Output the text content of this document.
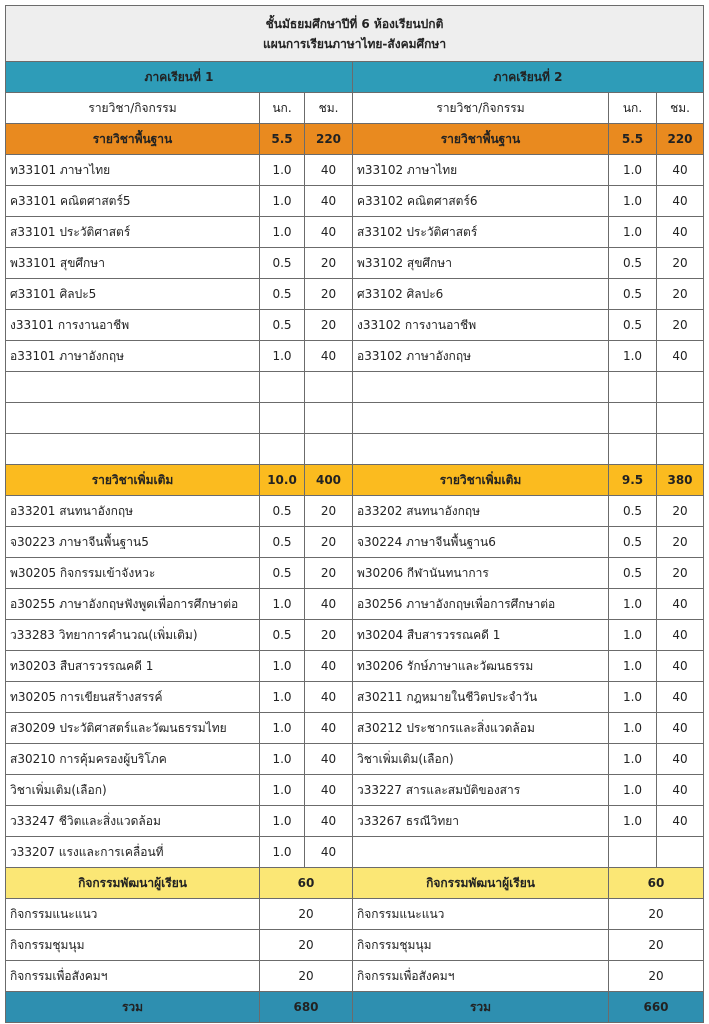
ชั้นมัธยมศึกษาปีที่ 6 ห้องเรียนปกติ
แผนการเรียนภาษาไทย-สังคมศึกษา					

ภาคเรียนที่ 1			ภาคเรียนที่ 2		
รายวิชา/กิจกรรม	นก.	ชม.	รายวิชา/กิจกรรม	นก.	ชม.
รายวิชาพื้นฐาน	5.5	220	รายวิชาพื้นฐาน	5.5	220
ท33101 ภาษาไทย	1.0	40	ท33102 ภาษาไทย	1.0	40
ค33101 คณิตศาสตร์5	1.0	40	ค33102 คณิตศาสตร์6	1.0	40
ส33101 ประวัติศาสตร์	1.0	40	ส33102 ประวัติศาสตร์	1.0	40
พ33101 สุขศึกษา	0.5	20	พ33102 สุขศึกษา	0.5	20
ศ33101 ศิลปะ5	0.5	20	ศ33102 ศิลปะ6	0.5	20
ง33101 การงานอาชีพ	0.5	20	ง33102 การงานอาชีพ	0.5	20
อ33101 ภาษาอังกฤษ	1.0	40	อ33102 ภาษาอังกฤษ	1.0	40

รายวิชาเพิ่มเติม	10.0	400	รายวิชาเพิ่มเติม	9.5	380
อ33201 สนทนาอังกฤษ	0.5	20	อ33202 สนทนาอังกฤษ	0.5	20
จ30223 ภาษาจีนพื้นฐาน5	0.5	20	จ30224 ภาษาจีนพื้นฐาน6	0.5	20
พ30205 กิจกรรมเข้าจังหวะ	0.5	20	พ30206 กีฬานันทนาการ	0.5	20
อ30255 ภาษาอังกฤษฟังพูดเพื่อการศึกษาต่อ	1.0	40	อ30256 ภาษาอังกฤษเพื่อการศึกษาต่อ	1.0	40
ว33283 วิทยาการคำนวณ(เพิ่มเติม)	0.5	20	ท30204 สืบสารวรรณคดี 1	1.0	40
ท30203 สืบสารวรรณคดี 1	1.0	40	ท30206 รักษ์ภาษาและวัฒนธรรม	1.0	40
ท30205 การเขียนสร้างสรรค์	1.0	40	ส30211 กฎหมายในชีวิตประจำวัน	1.0	40
ส30209 ประวัติศาสตร์และวัฒนธรรมไทย	1.0	40	ส30212 ประชากรและสิ่งแวดล้อม	1.0	40
ส30210 การคุ้มครองผู้บริโภค	1.0	40	วิชาเพิ่มเติม(เลือก)	1.0	40
วิชาเพิ่มเติม(เลือก)	1.0	40	ว33227 สารและสมบัติของสาร	1.0	40
ว33247 ชีวิตและสิ่งแวดล้อม	1.0	40	ว33267 ธรณีวิทยา	1.0	40
ว33207 แรงและการเคลื่อนที่	1.0	40			
กิจกรรมพัฒนาผู้เรียน	60		กิจกรรมพัฒนาผู้เรียน	60	
กิจกรรมแนะแนว	20		กิจกรรมแนะแนว	20	
กิจกรรมชุมนุม	20		กิจกรรมชุมนุม	20	
กิจกรรมเพื่อสังคมฯ	20		กิจกรรมเพื่อสังคมฯ	20	
รวม	680		รวม	660	
